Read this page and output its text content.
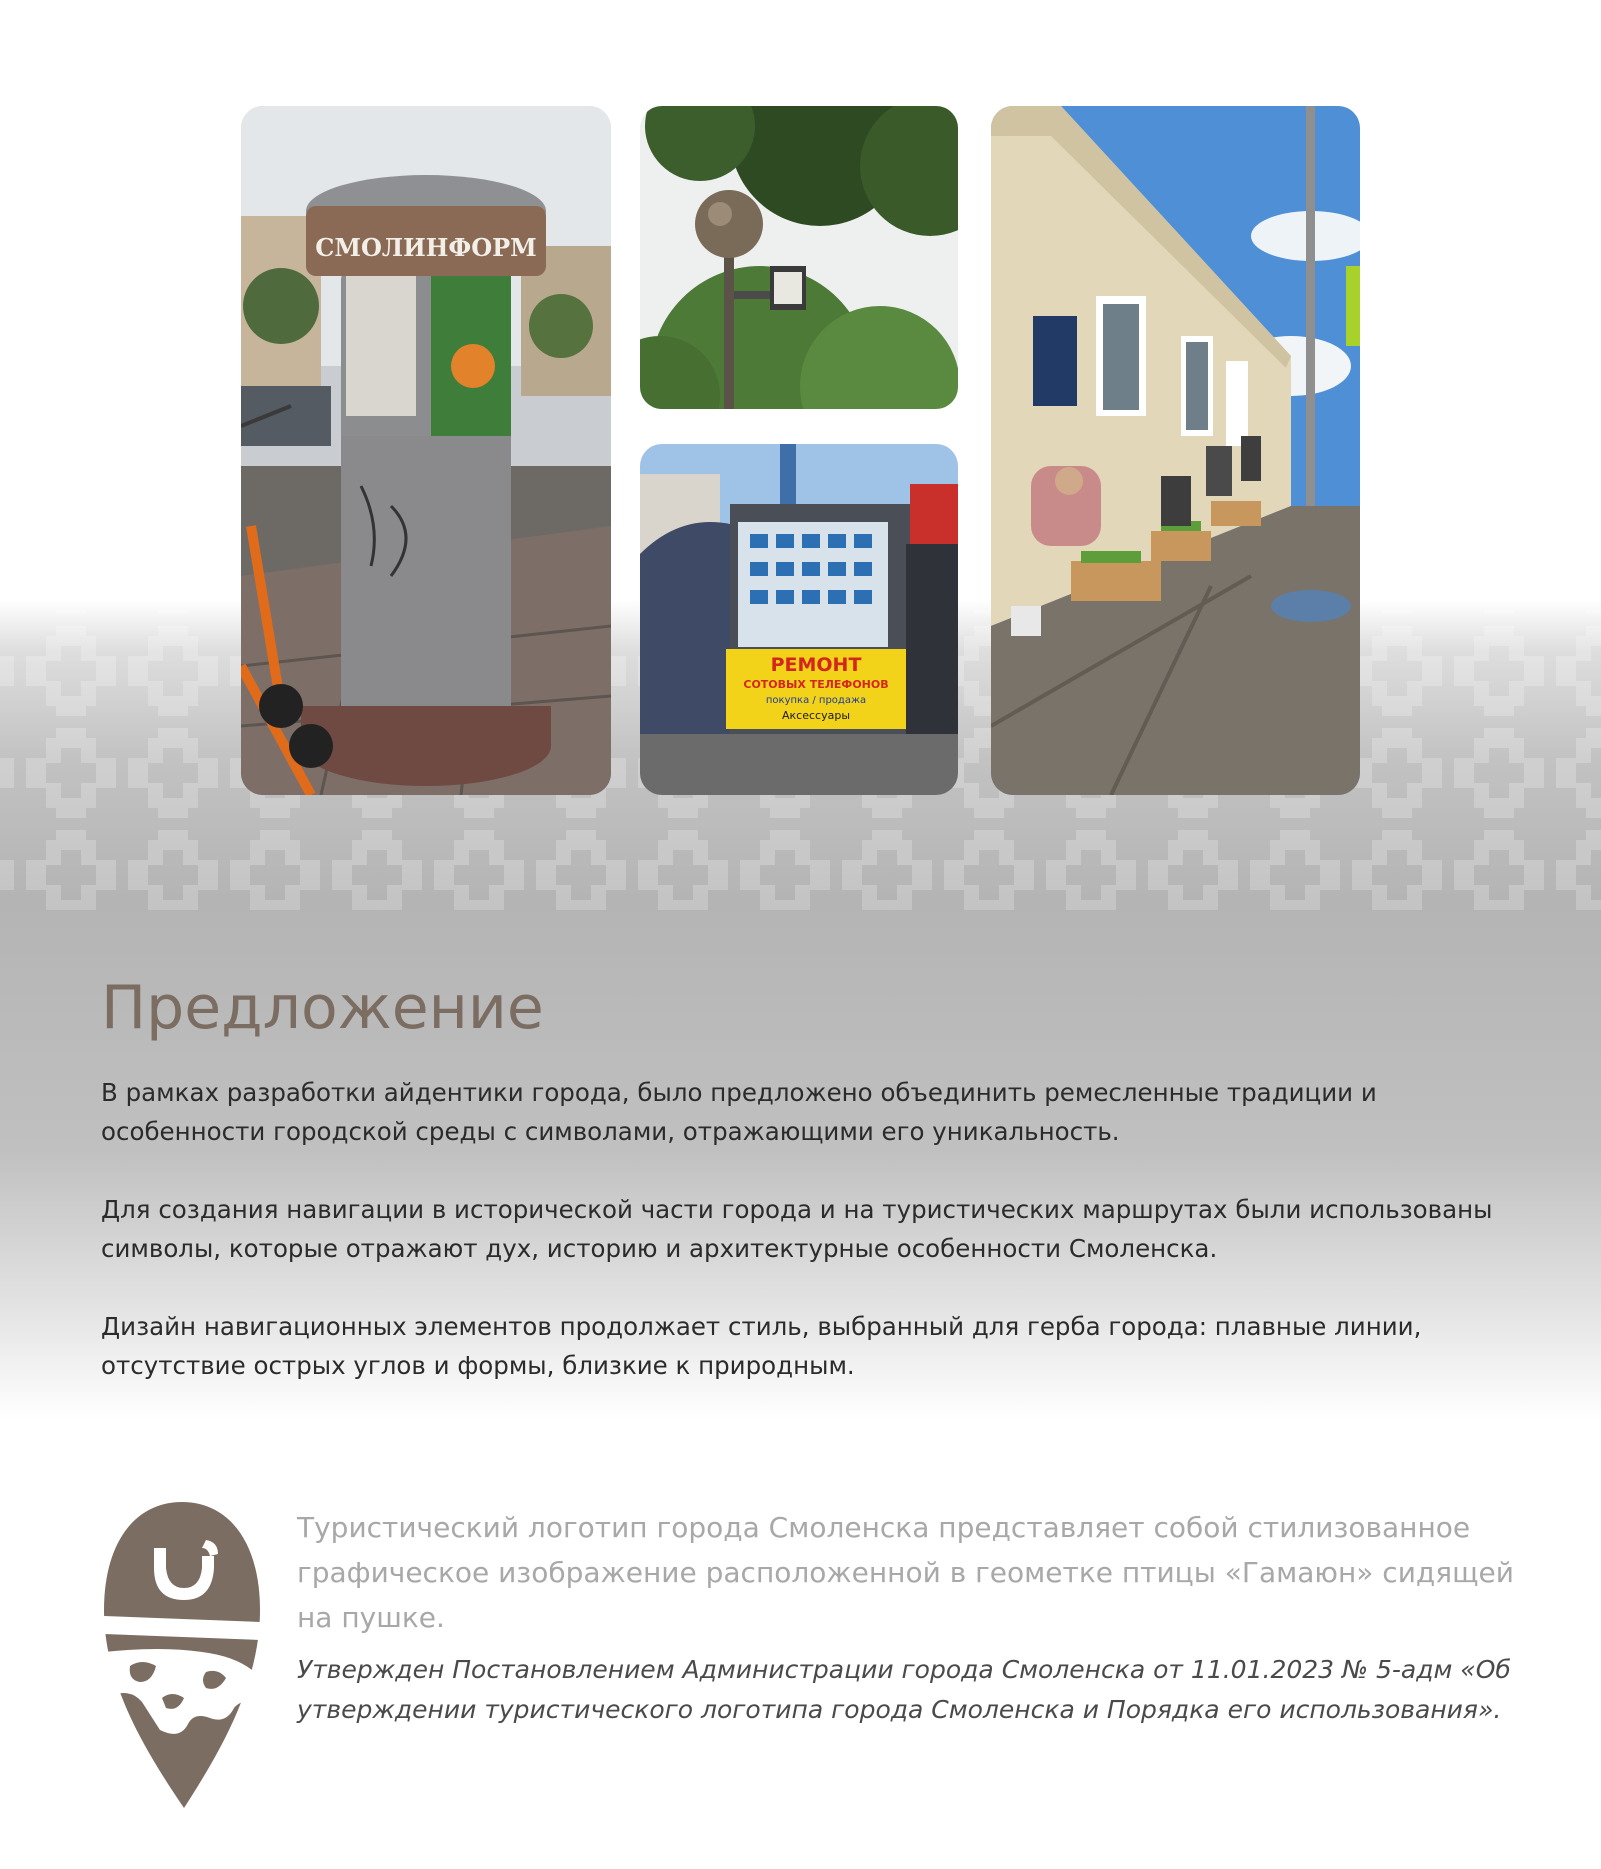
СМОЛИНФОРМ
РЕМОНТ
СОТОВЫХ ТЕЛЕФОНОВ
покупка / продажа
Аксессуары
Предложение

В рамках разработки айдентики города, было предложено объединить ремесленные традиции и особенности городской среды с символами, отражающими его уникальность.

Для создания навигации в исторической части города и на туристических маршрутах были использованы символы, которые отражают дух, историю и архитектурные особенности Смоленска.

Дизайн навигационных элементов продолжает стиль, выбранный для герба города: плавные линии, отсутствие острых углов и формы, близкие к природным.

Туристический логотип города Смоленска представляет собой стилизованное графическое изображение расположенной в геометке птицы «Гамаюн» сидящей на пушке.

Утвержден Постановлением Администрации города Смоленска от 11.01.2023 № 5-адм «Об утверждении туристического логотипа города Смоленска и Порядка его использования».
